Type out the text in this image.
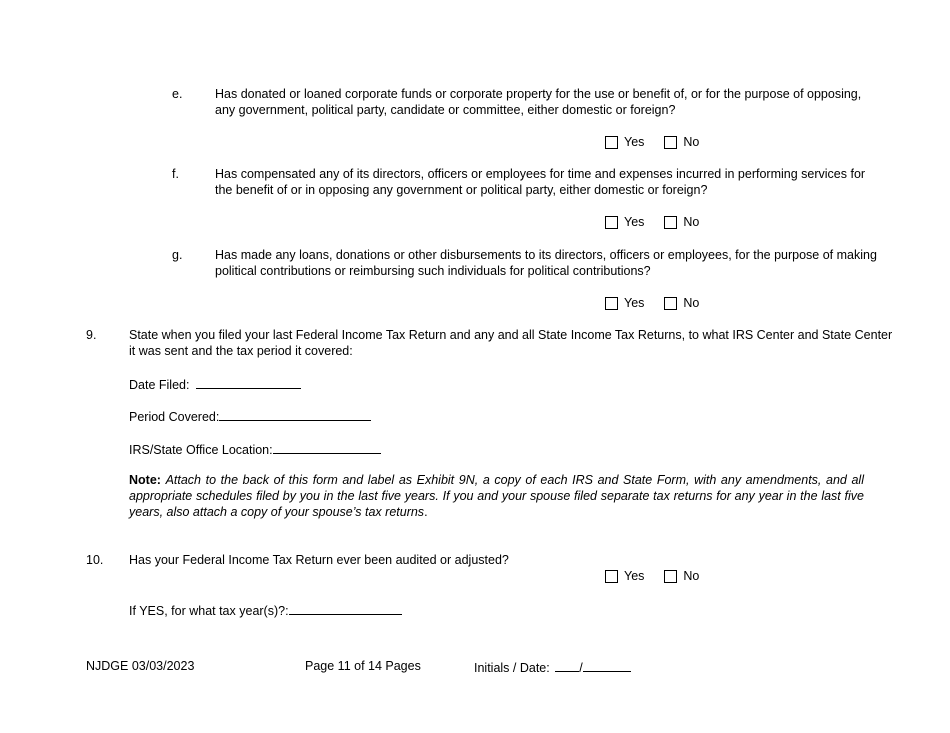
e.	Has donated or loaned corporate funds or corporate property for the use or benefit of, or for the purpose of opposing,
any government, political party, candidate or committee, either domestic or foreign?
Yes	No
f.	Has compensated any of its directors, officers or employees for time and expenses incurred in performing services for
the benefit of or in opposing any government or political party, either domestic or foreign?
Yes	No
g.	Has made any loans, donations or other disbursements to its directors, officers or employees, for the purpose of making
political contributions or reimbursing such individuals for political contributions?
Yes	No
9.	State when you filed your last Federal Income Tax Return and any and all State Income Tax Returns, to what IRS Center and State Center
it was sent and the tax period it covered:
Date Filed:
Period Covered:
IRS/State Office Location:
Note: Attach to the back of this form and label as Exhibit 9N, a copy of each IRS and State Form, with any amendments, and all appropriate schedules filed by you in the last five years. If you and your spouse filed separate tax returns for any year in the last five years, also attach a copy of your spouse’s tax returns.
10. Has your Federal Income Tax Return ever been audited or adjusted?
Yes	No
If YES, for what tax year(s)?:
NJDGE 03/03/2023	Page 11 of 14 Pages	Initials / Date: /
